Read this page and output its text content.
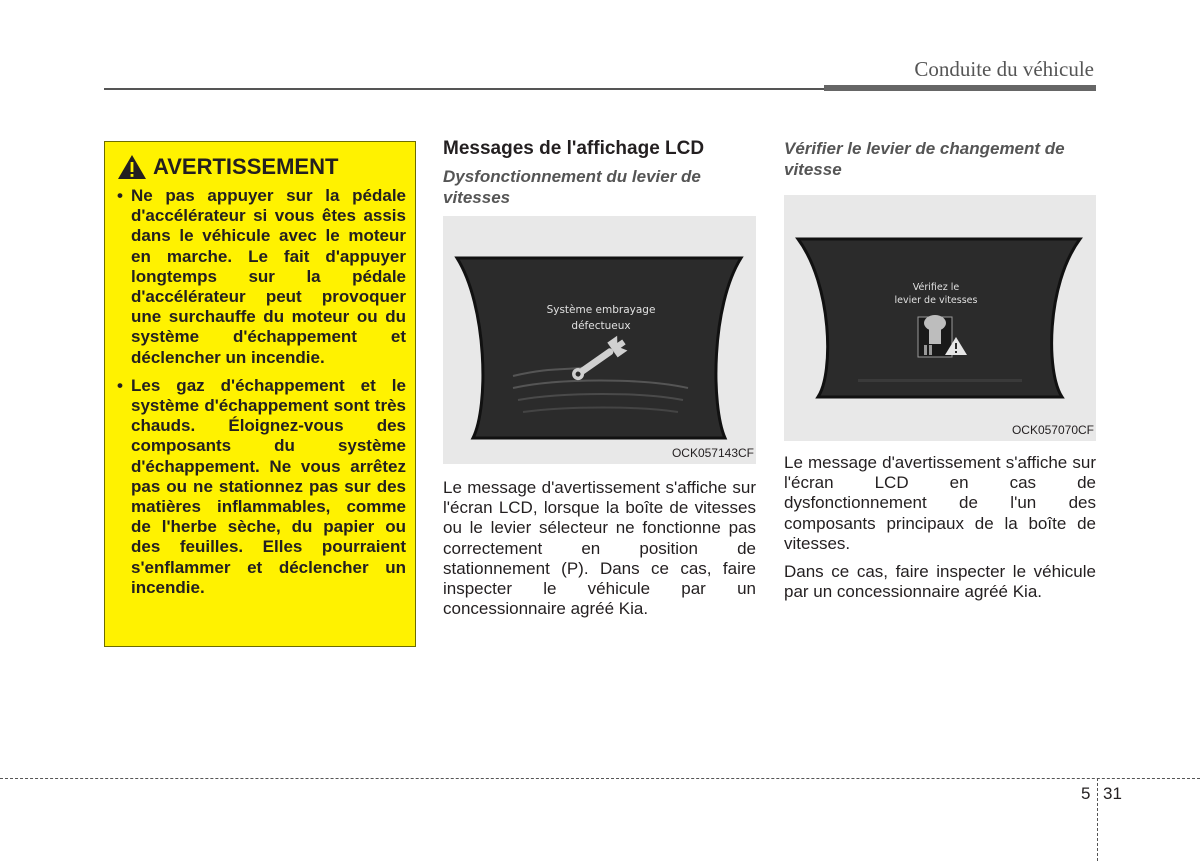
Conduite du véhicule
AVERTISSEMENT
• Ne pas appuyer sur la pédale d'accélérateur si vous êtes assis dans le véhicule avec le moteur en marche. Le fait d'appuyer longtemps sur la pédale d'accélérateur peut provoquer une surchauffe du moteur ou du système d'échappement et déclencher un incendie.
• Les gaz d'échappement et le système d'échappement sont très chauds. Éloignez-vous des composants du système d'échappement. Ne vous arrêtez pas ou ne stationnez pas sur des matières inflammables, comme de l'herbe sèche, du papier ou des feuilles. Elles pourraient s'enflammer et déclencher un incendie.
Messages de l'affichage LCD

Dysfonctionnement du levier de vitesses

Système embrayage
défectueux
OCK057143CF

Le message d'avertissement s'affiche sur l'écran LCD, lorsque la boîte de vitesses ou le levier sélecteur ne fonctionne pas correctement en position de stationnement (P). Dans ce cas, faire inspecter le véhicule par un concessionnaire agréé Kia.

Vérifier le levier de changement de vitesse

Vérifiez le
levier de vitesses
OCK057070CF

Le message d'avertissement s'affiche sur l'écran LCD en cas de dysfonctionnement de l'un des composants principaux de la boîte de vitesses.

Dans ce cas, faire inspecter le véhicule par un concessionnaire agréé Kia.

5 31
